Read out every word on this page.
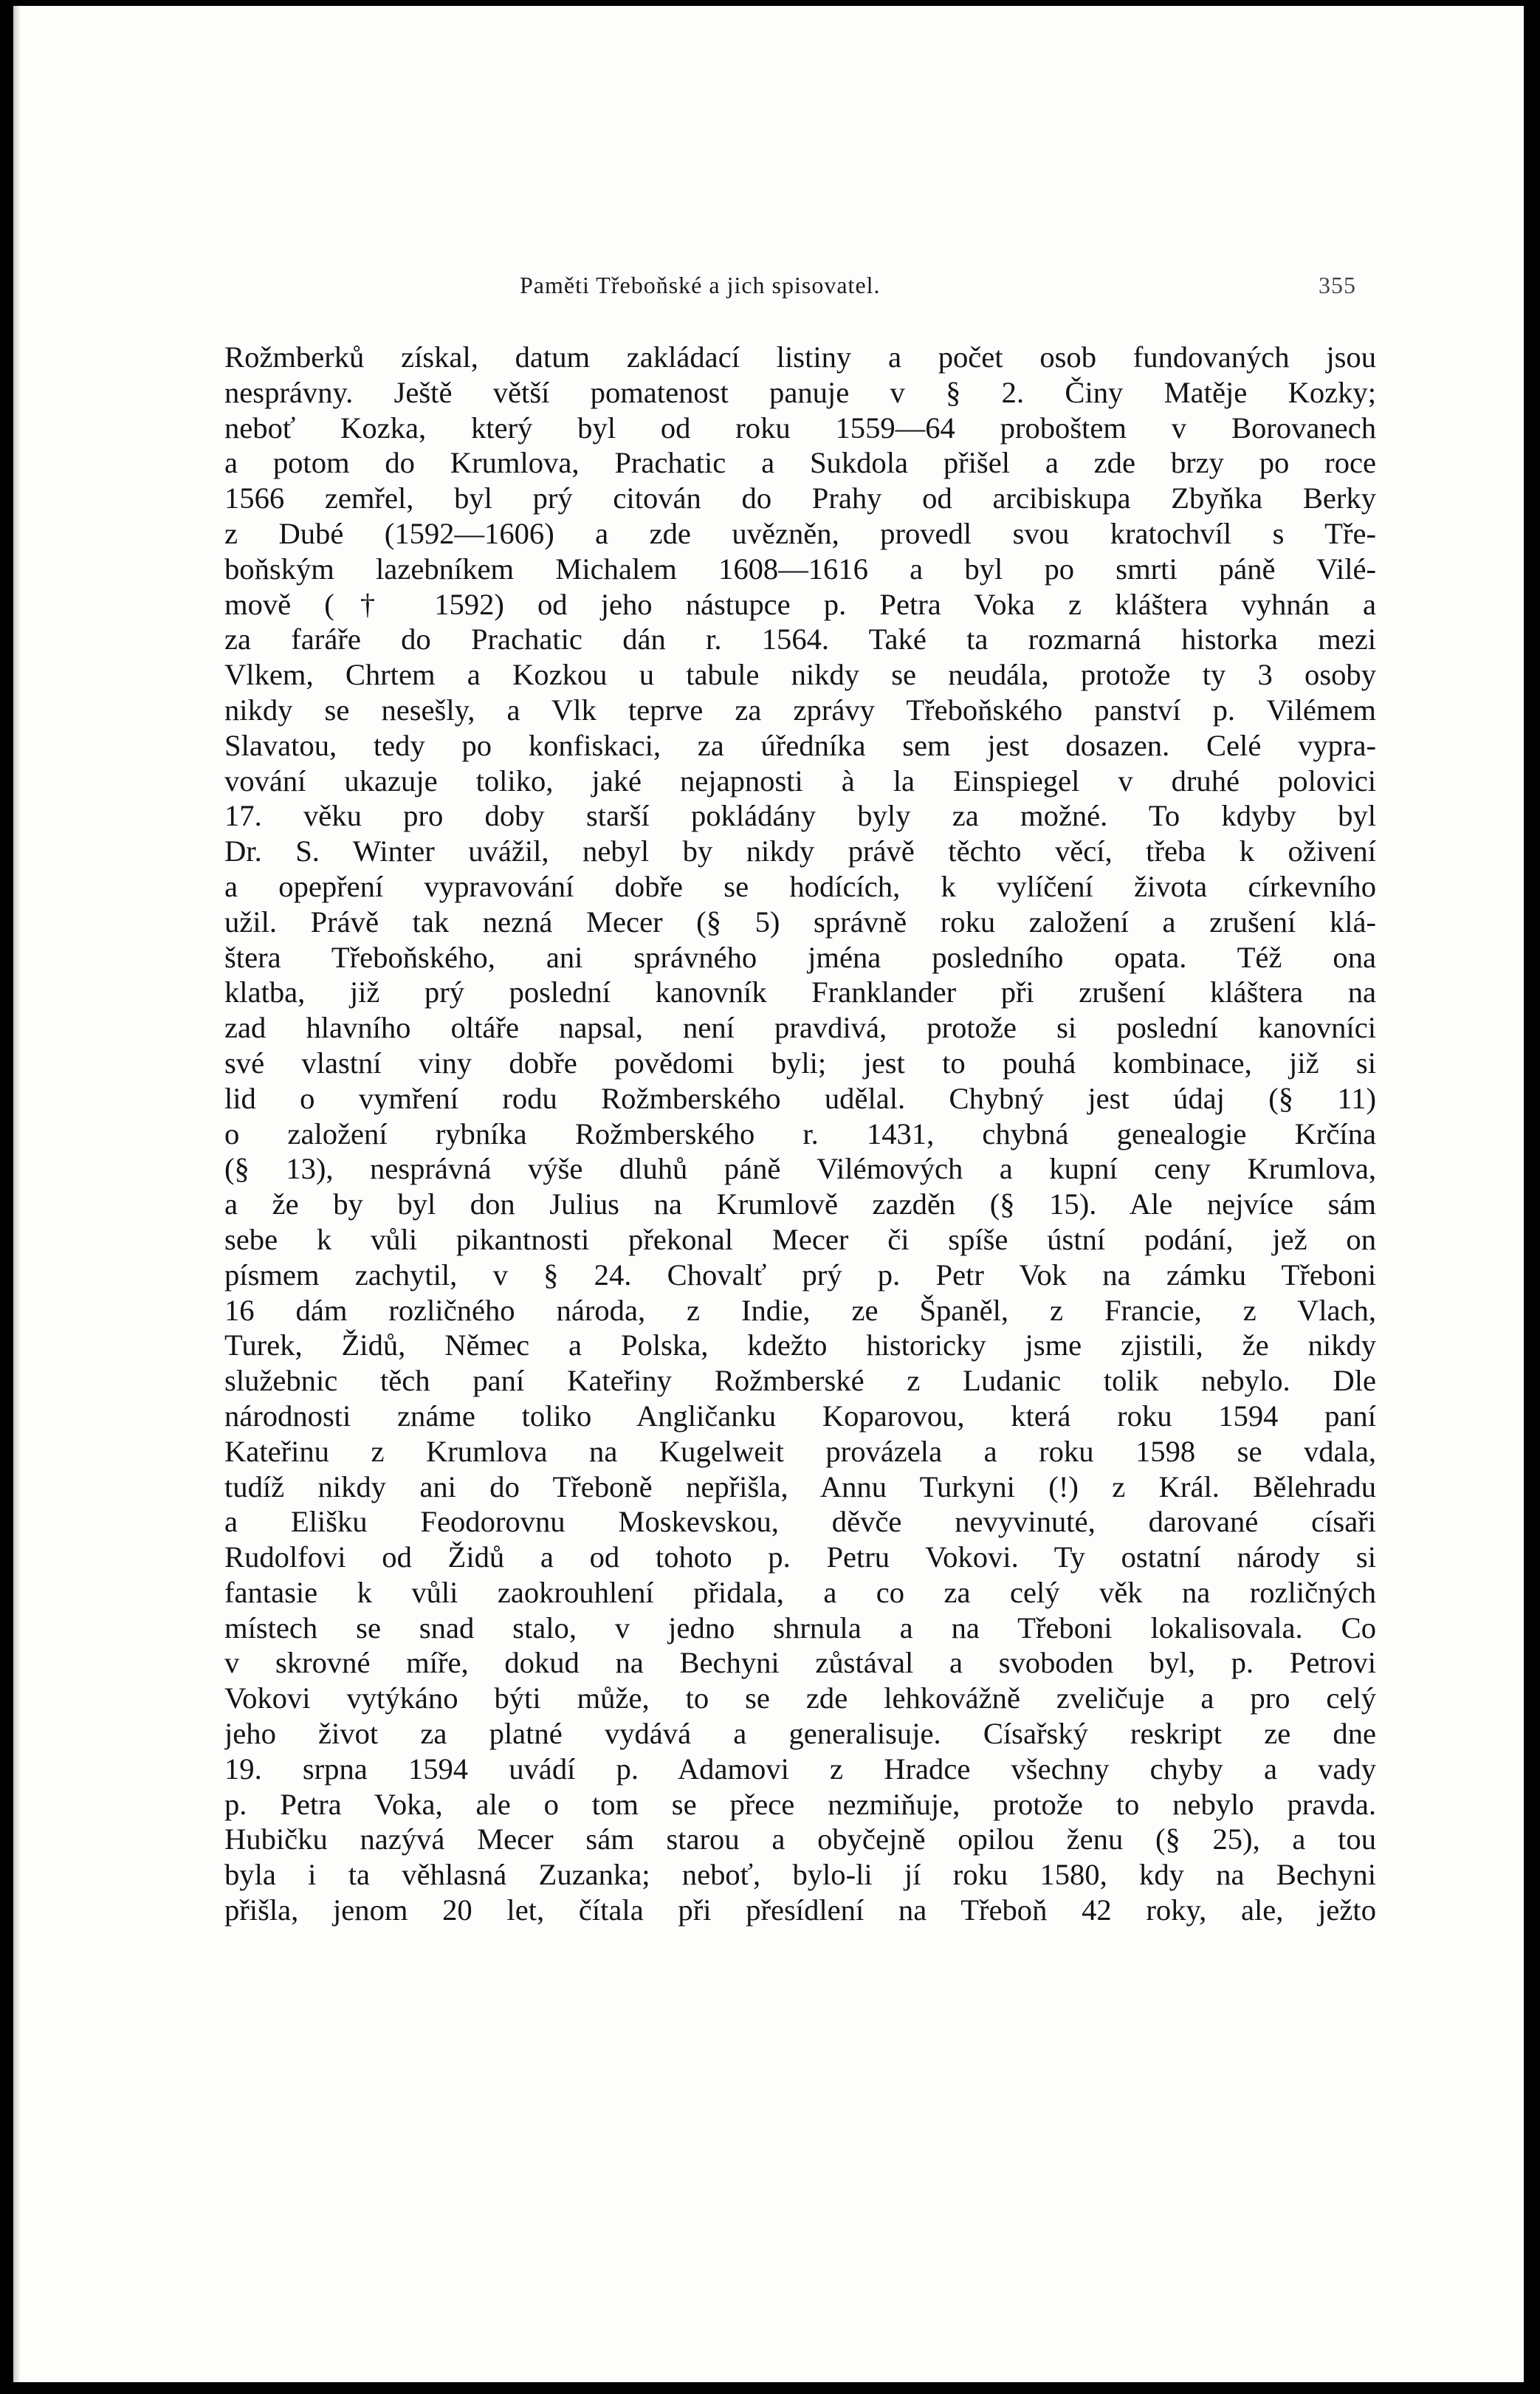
Paměti Třeboňské a jich spisovatel.	355
Rožmberků získal, datum zakládací listiny a počet osob fundovaných jsou
nesprávny. Ještě větší pomatenost panuje v § 2. Činy Matěje Kozky;
neboť Kozka, který byl od roku 1559—64 proboštem v Borovanech
a potom do Krumlova, Prachatic a Sukdola přišel a zde brzy po roce
1566 zemřel, byl prý citován do Prahy od arcibiskupa Zbyňka Berky
z Dubé (1592—1606) a zde uvězněn, provedl svou kratochvíl s Tře-
boňským lazebníkem Michalem 1608—1616 a byl po smrti páně Vilé-
mově († 1592) od jeho nástupce p. Petra Voka z kláštera vyhnán a
za faráře do Prachatic dán r. 1564. Také ta rozmarná historka mezi
Vlkem, Chrtem a Kozkou u tabule nikdy se neudála, protože ty 3 osoby
nikdy se nesešly, a Vlk teprve za zprávy Třeboňského panství p. Vilémem
Slavatou, tedy po konfiskaci, za úředníka sem jest dosazen. Celé vypra-
vování ukazuje toliko, jaké nejapnosti à la Einspiegel v druhé polovici
17. věku pro doby starší pokládány byly za možné. To kdyby byl
Dr. S. Winter uvážil, nebyl by nikdy právě těchto věcí, třeba k oživení
a opepření vypravování dobře se hodících, k vylíčení života církevního
užil. Právě tak nezná Mecer (§ 5) správně roku založení a zrušení klá-
štera Třeboňského, ani správného jména posledního opata. Též ona
klatba, již prý poslední kanovník Franklander při zrušení kláštera na
zad hlavního oltáře napsal, není pravdivá, protože si poslední kanovníci
své vlastní viny dobře povědomi byli; jest to pouhá kombinace, již si
lid o vymření rodu Rožmberského udělal. Chybný jest údaj (§ 11)
o založení rybníka Rožmberského r. 1431, chybná genealogie Krčína
(§ 13), nesprávná výše dluhů páně Vilémových a kupní ceny Krumlova,
a že by byl don Julius na Krumlově zazděn (§ 15). Ale nejvíce sám
sebe k vůli pikantnosti překonal Mecer či spíše ústní podání, jež on
písmem zachytil, v § 24. Chovalť prý p. Petr Vok na zámku Třeboni
16 dám rozličného národa, z Indie, ze Španěl, z Francie, z Vlach,
Turek, Židů, Němec a Polska, kdežto historicky jsme zjistili, že nikdy
služebnic těch paní Kateřiny Rožmberské z Ludanic tolik nebylo. Dle
národnosti známe toliko Angličanku Koparovou, která roku 1594 paní
Kateřinu z Krumlova na Kugelweit provázela a roku 1598 se vdala,
tudíž nikdy ani do Třeboně nepřišla, Annu Turkyni (!) z Král. Bělehradu
a Elišku Feodorovnu Moskevskou, děvče nevyvinuté, darované císaři
Rudolfovi od Židů a od tohoto p. Petru Vokovi. Ty ostatní národy si
fantasie k vůli zaokrouhlení přidala, a co za celý věk na rozličných
místech se snad stalo, v jedno shrnula a na Třeboni lokalisovala. Co
v skrovné míře, dokud na Bechyni zůstával a svoboden byl, p. Petrovi
Vokovi vytýkáno býti může, to se zde lehkovážně zveličuje a pro celý
jeho život za platné vydává a generalisuje. Císařský reskript ze dne
19. srpna 1594 uvádí p. Adamovi z Hradce všechny chyby a vady
p. Petra Voka, ale o tom se přece nezmiňuje, protože to nebylo pravda.
Hubičku nazývá Mecer sám starou a obyčejně opilou ženu (§ 25), a tou
byla i ta věhlasná Zuzanka; neboť, bylo-li jí roku 1580, kdy na Bechyni
přišla, jenom 20 let, čítala při přesídlení na Třeboň 42 roky, ale, ježto
